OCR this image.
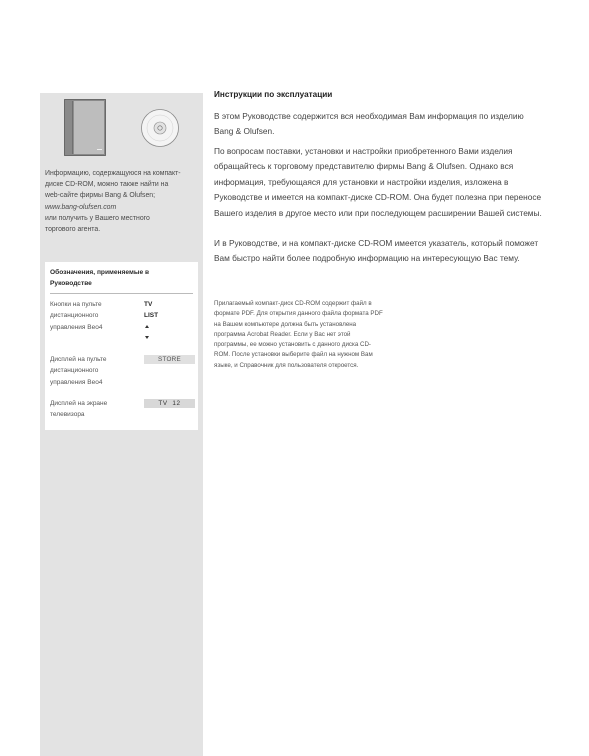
Информацию, содержащуюся на компакт-
диске CD-ROM, можно также найти на
web-сайте фирмы Bang & Olufsen;
www.bang-olufsen.com
или получить у Вашего местного
торгового агента.
Обозначения, применяемые в Руководстве
Кнопки на пульте дистанционного управления Beo4
TV
LIST
Дисплей на пульте дистанционного управления Beo4
STORE
Дисплей на экране телевизора
TV  12
Инструкции по эксплуатации
В этом Руководстве содержится вся необходимая Вам информация по изделию Bang & Olufsen.
По вопросам поставки, установки и настройки приобретенного Вами изделия обращайтесь к торговому представителю фирмы Bang & Olufsen. Однако вся информация, требующаяся для установки и настройки изделия, изложена в Руководстве и имеется на компакт-диске CD-ROM. Она будет полезна при переносе Вашего изделия в другое место или при последующем расширении Вашей системы.
И в Руководстве, и на компакт-диске CD-ROM имеется указатель, который поможет Вам быстро найти более подробную информацию на интересующую Вас тему.
Прилагаемый компакт-диск CD-ROM содержит файл в формате PDF. Для открытия данного файла формата PDF на Вашем компьютере должна быть установлена программа Acrobat Reader. Если у Вас нет этой программы, ее можно установить с данного диска CD-ROM. После установки выберите файл на нужном Вам языке, и Справочник для пользователя откроется.
